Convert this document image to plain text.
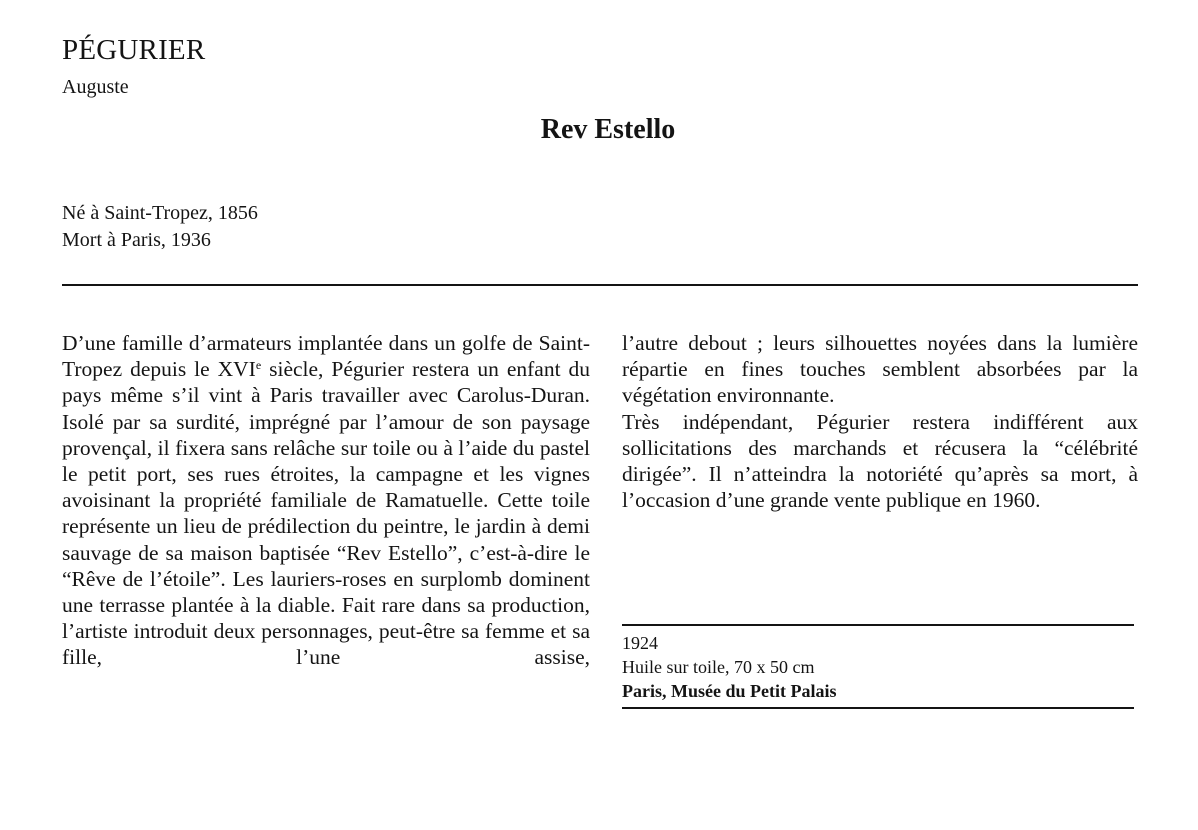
PÉGURIER
Auguste
Rev Estello
Né à Saint-Tropez, 1856
Mort à Paris, 1936

D’une famille d’armateurs implantée dans un golfe de Saint-Tropez depuis le XVIe siècle, Pégurier restera un enfant du pays même s’il vint à Paris travailler avec Carolus-Duran. Isolé par sa surdité, imprégné par l’amour de son paysage provençal, il fixera sans relâche sur toile ou à l’aide du pastel le petit port, ses rues étroites, la campagne et les vignes avoisinant la propriété familiale de Ramatuelle. Cette toile représente un lieu de prédilection du peintre, le jardin à demi sauvage de sa maison baptisée “Rev Estello”, c’est-à-dire le “Rêve de l’étoile”. Les lauriers-roses en surplomb dominent une terrasse plantée à la diable. Fait rare dans sa production, l’artiste introduit deux personnages, peut-être sa femme et sa fille, l’une assise,

l’autre debout ; leurs silhouettes noyées dans la lumière répartie en fines touches semblent absorbées par la végétation environnante.

Très indépendant, Pégurier restera indifférent aux sollicitations des marchands et récusera la “célébrité dirigée”. Il n’atteindra la notoriété qu’après sa mort, à l’occasion d’une grande vente publique en 1960.

1924
Huile sur toile, 70 x 50 cm
Paris, Musée du Petit Palais
